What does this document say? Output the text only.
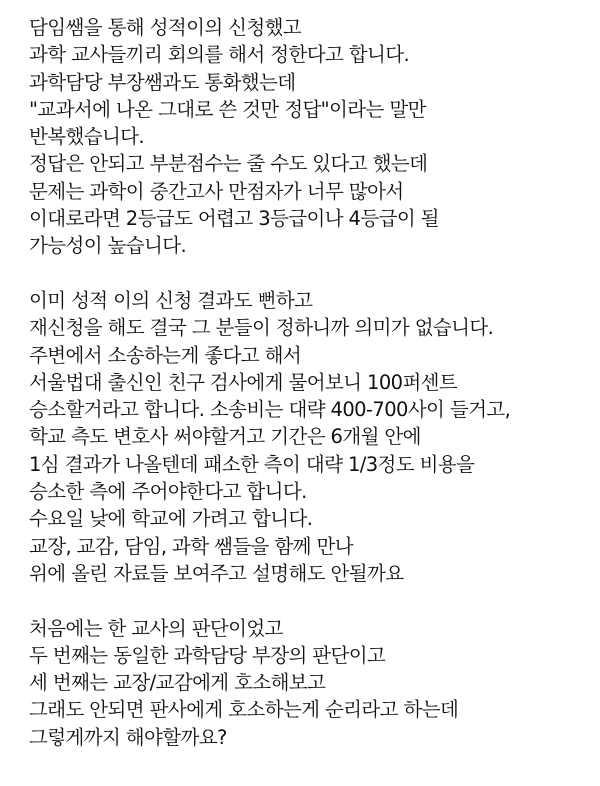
담임쌤을 통해 성적이의 신청했고
과학 교사들끼리 회의를 해서 정한다고 합니다.
과학담당 부장쌤과도 통화했는데
"교과서에 나온 그대로 쓴 것만 정답"이라는 말만
반복했습니다.
정답은 안되고 부분점수는 줄 수도 있다고 했는데
문제는 과학이 중간고사 만점자가 너무 많아서
이대로라면 2등급도 어렵고 3등급이나 4등급이 될
가능성이 높습니다.
이미 성적 이의 신청 결과도 뻔하고
재신청을 해도 결국 그 분들이 정하니까 의미가 없습니다.
주변에서 소송하는게 좋다고 해서
서울법대 출신인 친구 검사에게 물어보니 100퍼센트
승소할거라고 합니다. 소송비는 대략 400-700사이 들거고,
학교 측도 변호사 써야할거고 기간은 6개월 안에
1심 결과가 나올텐데 패소한 측이 대략 1/3정도 비용을
승소한 측에 주어야한다고 합니다.
수요일 낮에 학교에 가려고 합니다.
교장, 교감, 담임, 과학 쌤들을 함께 만나
위에 올린 자료들 보여주고 설명해도 안될까요
처음에는 한 교사의 판단이었고
두 번째는 동일한 과학담당 부장의 판단이고
세 번째는 교장/교감에게 호소해보고
그래도 안되면 판사에게 호소하는게 순리라고 하는데
그렇게까지 해야할까요?
